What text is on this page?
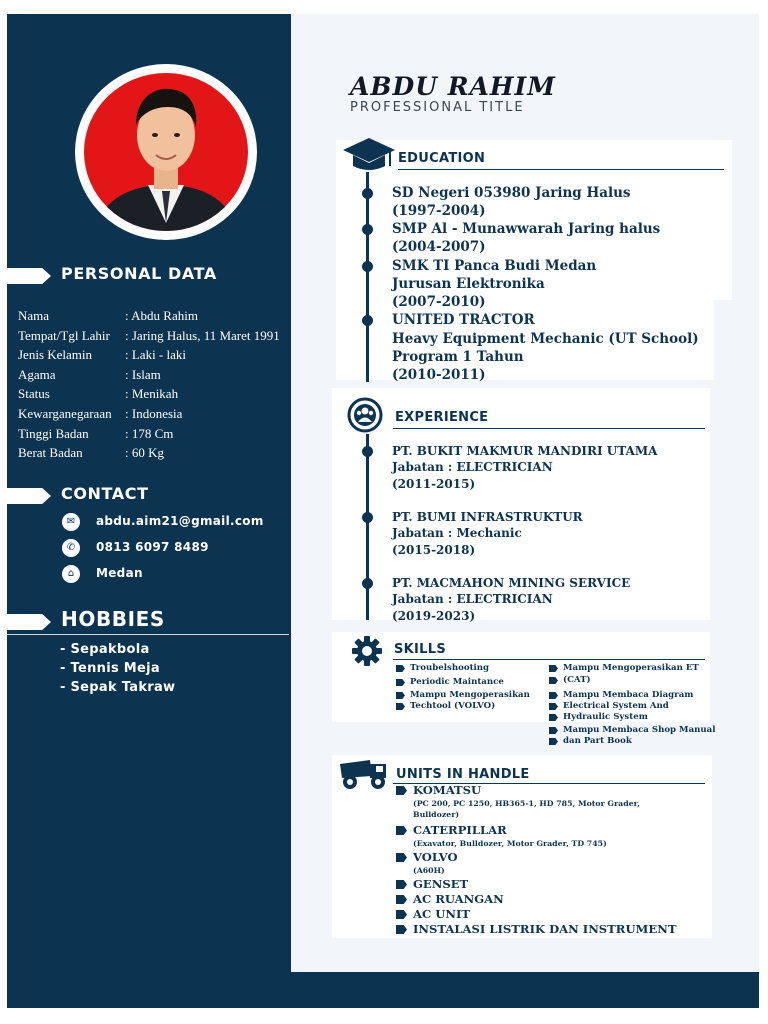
PERSONAL DATA
Nama	: Abdu Rahim
Tempat/Tgl Lahir : Jaring Halus, 11 Maret 1991
Jenis Kelamin	: Laki - laki
Agama	: Islam
Status	: Menikah
Kewarganegaraan : Indonesia
Tinggi Badan	: 178 Cm
Berat Badan	: 60 Kg
CONTACT
✉	abdu.aim21@gmail.com
✆	0813 6097 8489
⌂	Medan
HOBBIES
- Sepakbola
- Tennis Meja
- Sepak Takraw
ABDU RAHIM
PROFESSIONAL TITLE
EDUCATION
SD Negeri 053980 Jaring Halus
(1997-2004)
SMP Al - Munawwarah Jaring halus
(2004-2007)
SMK TI Panca Budi Medan
Jurusan Elektronika
(2007-2010)
UNITED TRACTOR
Heavy Equipment Mechanic (UT School)
Program 1 Tahun
(2010-2011)
EXPERIENCE
PT. BUKIT MAKMUR MANDIRI UTAMA
Jabatan : ELECTRICIAN
(2011-2015)
PT. BUMI INFRASTRUKTUR
Jabatan : Mechanic
(2015-2018)
PT. MACMAHON MINING SERVICE
Jabatan : ELECTRICIAN
(2019-2023)
SKILLS
Troubelshooting
Periodic Maintance
Mampu Mengoperasikan
Techtool (VOLVO)
Mampu Mengoperasikan ET
(CAT)
Mampu Membaca Diagram
Electrical System And
Hydraulic System
Mampu Membaca Shop Manual
dan Part Book
UNITS IN HANDLE
KOMATSU
(PC 200, PC 1250, HB365-1, HD 785, Motor Grader,
Bulldozer)
CATERPILLAR
(Exavator, Bulldozer, Motor Grader, TD 745)
VOLVO
(A60H)
GENSET
AC RUANGAN
AC UNIT
INSTALASI LISTRIK DAN INSTRUMENT
